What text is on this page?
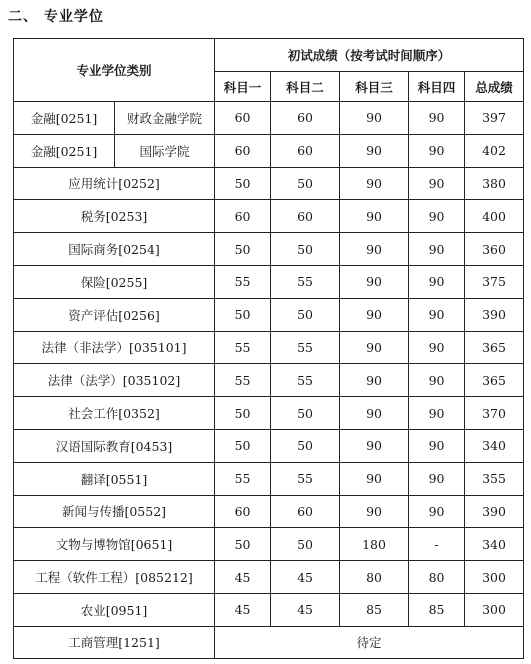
二、 专业学位
专业学位类别		初试成绩（按考试时间顺序）				
		科目一	科目二	科目三	科目四	总成绩
金融[0251]	财政金融学院	60	60	90	90	397
金融[0251]	国际学院	60	60	90	90	402
应用统计[0252]		50	50	90	90	380
税务[0253]		60	60	90	90	400
国际商务[0254]		50	50	90	90	360
保险[0255]		55	55	90	90	375
资产评估[0256]		50	50	90	90	390
法律（非法学）[035101]		55	55	90	90	365
法律（法学）[035102]		55	55	90	90	365
社会工作[0352]		50	50	90	90	370
汉语国际教育[0453]		50	50	90	90	340
翻译[0551]		55	55	90	90	355
新闻与传播[0552]		60	60	90	90	390
文物与博物馆[0651]		50	50	180	-	340
工程（软件工程）[085212]		45	45	80	80	300
农业[0951]		45	45	85	85	300
工商管理[1251]		待定				
